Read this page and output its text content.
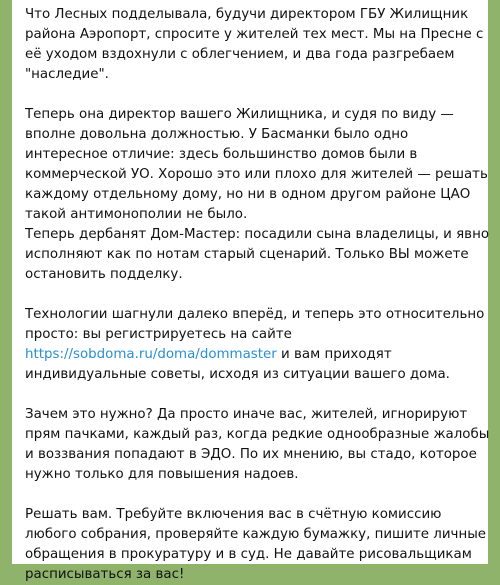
Что Лесных подделывала, будучи директором ГБУ Жилищник
района Аэропорт, спросите у жителей тех мест. Мы на Пресне с
её уходом вздохнули с облегчением, и два года разгребаем
"наследие".

Теперь она директор вашего Жилищника, и судя по виду —
вполне довольна должностью. У Басманки было одно
интересное отличие: здесь большинство домов были в
коммерческой УО. Хорошо это или плохо для жителей — решать
каждому отдельному дому, но ни в одном другом районе ЦАО
такой антимонополии не было.

Теперь дербанят Дом-Мастер: посадили сына владелицы, и явно
исполняют как по нотам старый сценарий. Только ВЫ можете
остановить подделку.

Технологии шагнули далеко вперёд, и теперь это относительно
просто: вы регистрируетесь на сайте
https://sobdoma.ru/doma/dommaster и вам приходят
индивидуальные советы, исходя из ситуации вашего дома.

Зачем это нужно? Да просто иначе вас, жителей, игнорируют
прям пачками, каждый раз, когда редкие однообразные жалобы
и воззвания попадают в ЭДО. По их мнению, вы стадо, которое
нужно только для повышения надоев.

Решать вам. Требуйте включения вас в счётную комиссию
любого собрания, проверяйте каждую бумажку, пишите личные
обращения в прокуратуру и в суд. Не давайте рисовальщикам
расписываться за вас!
